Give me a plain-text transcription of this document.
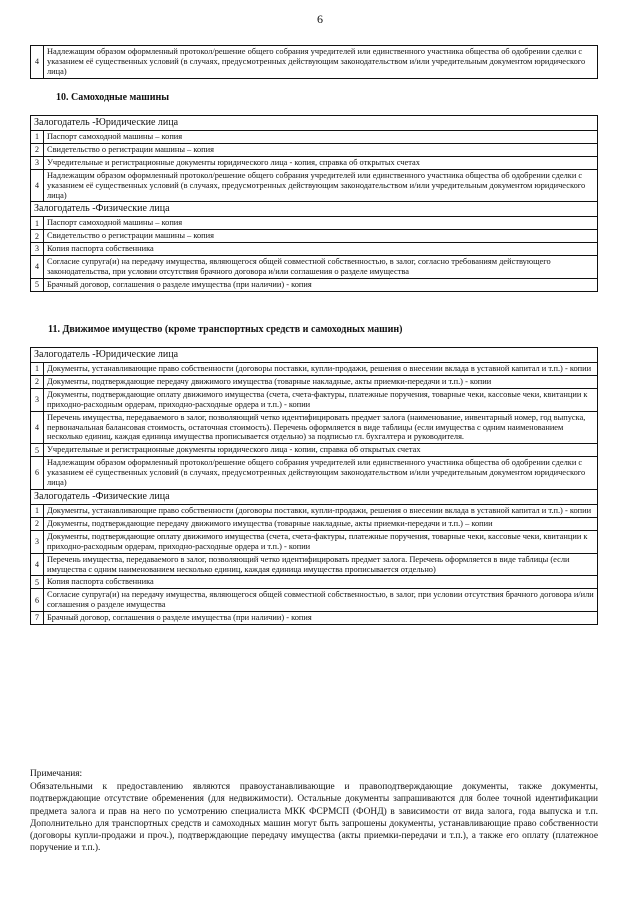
6
4	Надлежащим образом оформленный протокол/решение общего собрания учредителей или единственного участника общества об одобрении сделки с указанием её существенных условий (в случаях, предусмотренных действующим законодательством и/или учредительным документом юридического лица)
10. Самоходные машины
Залогодатель -Юридические лица	
1	Паспорт самоходной машины – копия
2	Свидетельство о регистрации машины – копия
3	Учредительные и регистрационные документы юридического лица - копия, справка об открытых счетах
4	Надлежащим образом оформленный протокол/решение общего собрания учредителей или единственного участника общества об одобрении сделки с указанием её существенных условий (в случаях, предусмотренных действующим законодательством и/или учредительным документом юридического лица)
Залогодатель -Физические лица	
1	Паспорт самоходной машины – копия
2	Свидетельство о регистрации машины – копия
3	Копия паспорта собственника
4	Согласие супруга(и) на передачу имущества, являющегося общей совместной собственностью, в залог, согласно требованиям действующего законодательства, при условии отсутствия брачного договора и/или соглашения о разделе имущества
5	Брачный договор, соглашения о разделе имущества (при наличии) - копия
11. Движимое имущество (кроме транспортных средств и самоходных машин)
Залогодатель -Юридические лица	
1	Документы, устанавливающие право собственности (договоры поставки, купли-продажи, решения о внесении вклада в уставной капитал и т.п.) - копии
2	Документы, подтверждающие передачу движимого имущества (товарные накладные, акты приемки-передачи и т.п.) - копии
3	Документы, подтверждающие оплату движимого имущества (счета, счета-фактуры, платежные поручения, товарные чеки, кассовые чеки, квитанции к приходно-расходным ордерам, приходно-расходные ордера и т.п.) - копии
4	Перечень имущества, передаваемого в залог, позволяющий четко идентифицировать предмет залога (наименование, инвентарный номер, год выпуска, первоначальная балансовая стоимость, остаточная стоимость). Перечень оформляется в виде таблицы (если имущества с одним наименованием несколько единиц, каждая единица имущества прописывается отдельно) за подписью гл. бухгалтера и руководителя.
5	Учредительные и регистрационные документы юридического лица - копии, справка об открытых счетах
6	Надлежащим образом оформленный протокол/решение общего собрания учредителей или единственного участника общества об одобрении сделки с указанием её существенных условий (в случаях, предусмотренных действующим законодательством и/или учредительным документом юридического лица)
Залогодатель -Физические лица	
1	Документы, устанавливающие право собственности (договоры поставки, купли-продажи, решения о внесении вклада в уставной капитал и т.п.) - копии
2	Документы, подтверждающие передачу движимого имущества (товарные накладные, акты приемки-передачи и т.п.) – копии
3	Документы, подтверждающие оплату движимого имущества (счета, счета-фактуры, платежные поручения, товарные чеки, кассовые чеки, квитанции к приходно-расходным ордерам, приходно-расходные ордера и т.п.) - копии
4	Перечень имущества, передаваемого в залог, позволяющий четко идентифицировать предмет залога. Перечень оформляется в виде таблицы (если имущества с одним наименованием несколько единиц, каждая единица имущества прописывается отдельно)
5	Копия паспорта собственника
6	Согласие супруга(и) на передачу имущества, являющегося общей совместной собственностью, в залог, при условии отсутствия брачного договора и/или соглашения о разделе имущества
7	Брачный договор, соглашения о разделе имущества (при наличии) - копия
Примечания:
Обязательными к предоставлению являются правоустанавливающие и правоподтверждающие документы, также документы, подтверждающие отсутствие обременения (для недвижимости). Остальные документы запрашиваются для более точной идентификации предмета залога и прав на него по усмотрению специалиста МКК ФСРМСП (ФОНД) в зависимости от вида залога, года выпуска и т.п. Дополнительно для транспортных средств и самоходных машин могут быть запрошены документы, устанавливающие право собственности (договоры купли-продажи и проч.), подтверждающие передачу имущества (акты приемки-передачи и т.п.), а также его оплату (платежное поручение и т.п.).
